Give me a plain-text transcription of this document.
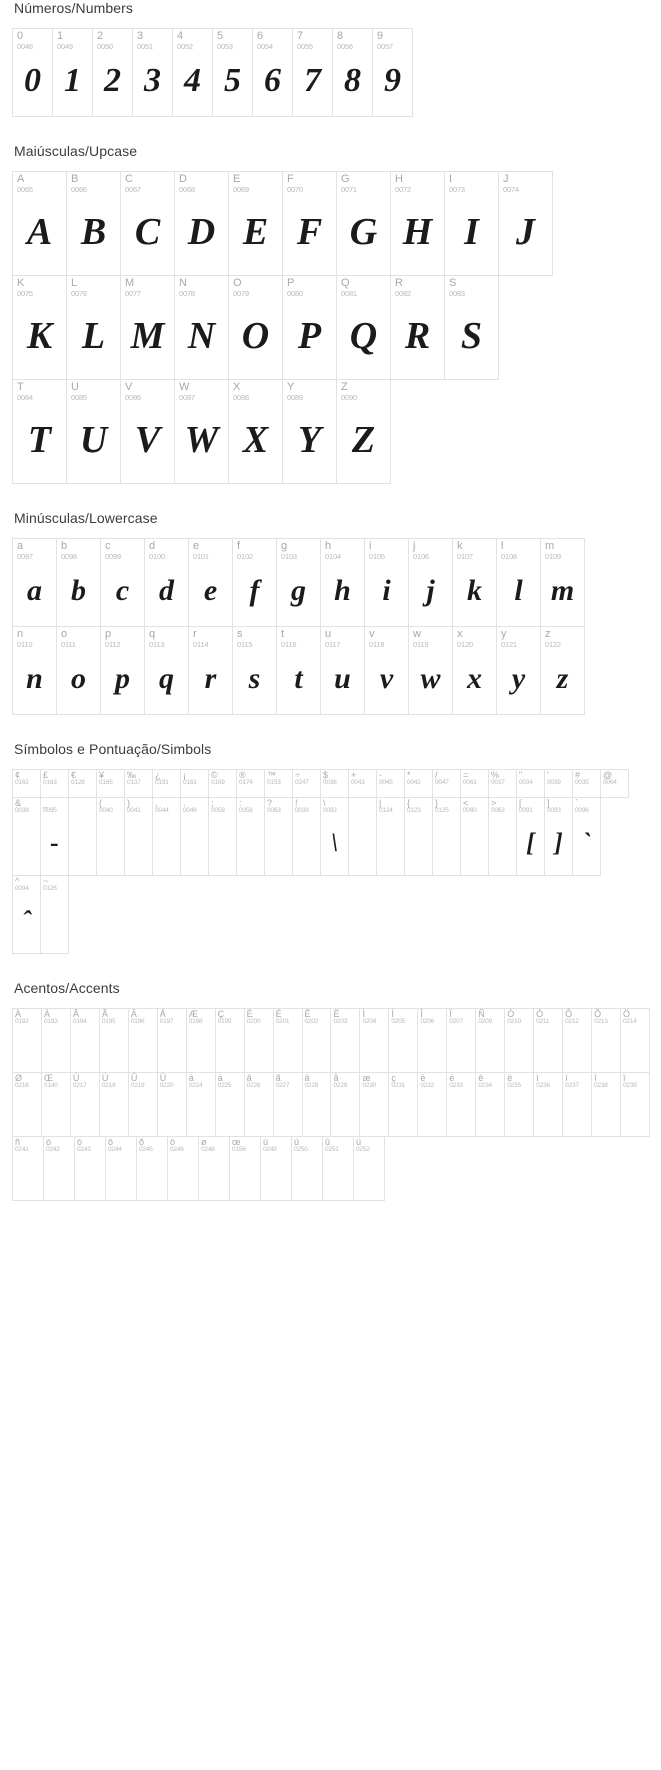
Números/Numbers
0
0048
0
1
0049
1
2
0050
2
3
0051
3
4
0052
4
5
0053
5
6
0054
6
7
0055
7
8
0056
8
9
0057
9
Maiúsculas/Upcase
A
0065
A
B
0066
B
C
0067
C
D
0068
D
E
0069
E
F
0070
F
G
0071
G
H
0072
H
I
0073
I
J
0074
J
K
0075
K
L
0076
L
M
0077
M
N
0078
N
O
0079
O
P
0080
P
Q
0081
Q
R
0082
R
S
0083
S
T
0084
T
U
0085
U
V
0086
V
W
0087
W
X
0088
X
Y
0089
Y
Z
0090
Z
Minúsculas/Lowercase
a
0097
a
b
0098
b
c
0099
c
d
0100
d
e
0101
e
f
0102
f
g
0103
g
h
0104
h
i
0105
i
j
0106
j
k
0107
k
l
0108
l
m
0109
m
n
0110
n
o
0111
o
p
0112
p
q
0113
q
r
0114
r
s
0115
s
t
0116
t
u
0117
u
v
0118
v
w
0119
w
x
0120
x
y
0121
y
z
0122
z
Símbolos e Pontuação/Simbols
¢
0162
£
0163
€
0128
¥
0165
‰
0137
¿
0191
¡
0161
©
0169
®
0174
™
0153
÷
0247
$
0036
+
0043
-
0045
*
0042
/
0047
=
0061
%
0037
"
0034
'
0039
#
0035
@
0064
&
0038
_
0095
-
(
0040
)
0041
,
0044
.
0046
;
0059
:
0058
?
0063
!
0033
\
0092
\
|
0124
{
0123
}
0125
<
0060
>
0062
[
0091
[
]
0093
]
`
0096
`
^
0094
ˆ
~
0126
Acentos/Accents
À
0192
Á
0193
Â
0194
Ã
0195
Ä
0196
Å
0197
Æ
0198
Ç
0199
È
0200
É
0201
Ê
0202
Ë
0203
Ì
0204
Í
0205
Î
0206
Ï
0207
Ñ
0209
Ò
0210
Ó
0211
Ô
0212
Õ
0213
Ö
0214
Ø
0216
Œ
0140
Ù
0217
Ú
0218
Û
0219
Ü
0220
à
0224
á
0225
â
0226
ã
0227
ä
0228
å
0229
æ
0230
ç
0231
è
0232
é
0233
ê
0234
ë
0235
ì
0236
í
0237
î
0238
ï
0239
ñ
0241
ò
0242
ó
0243
ô
0244
õ
0245
ö
0246
ø
0248
œ
0156
ù
0249
ú
0250
û
0251
ü
0252
